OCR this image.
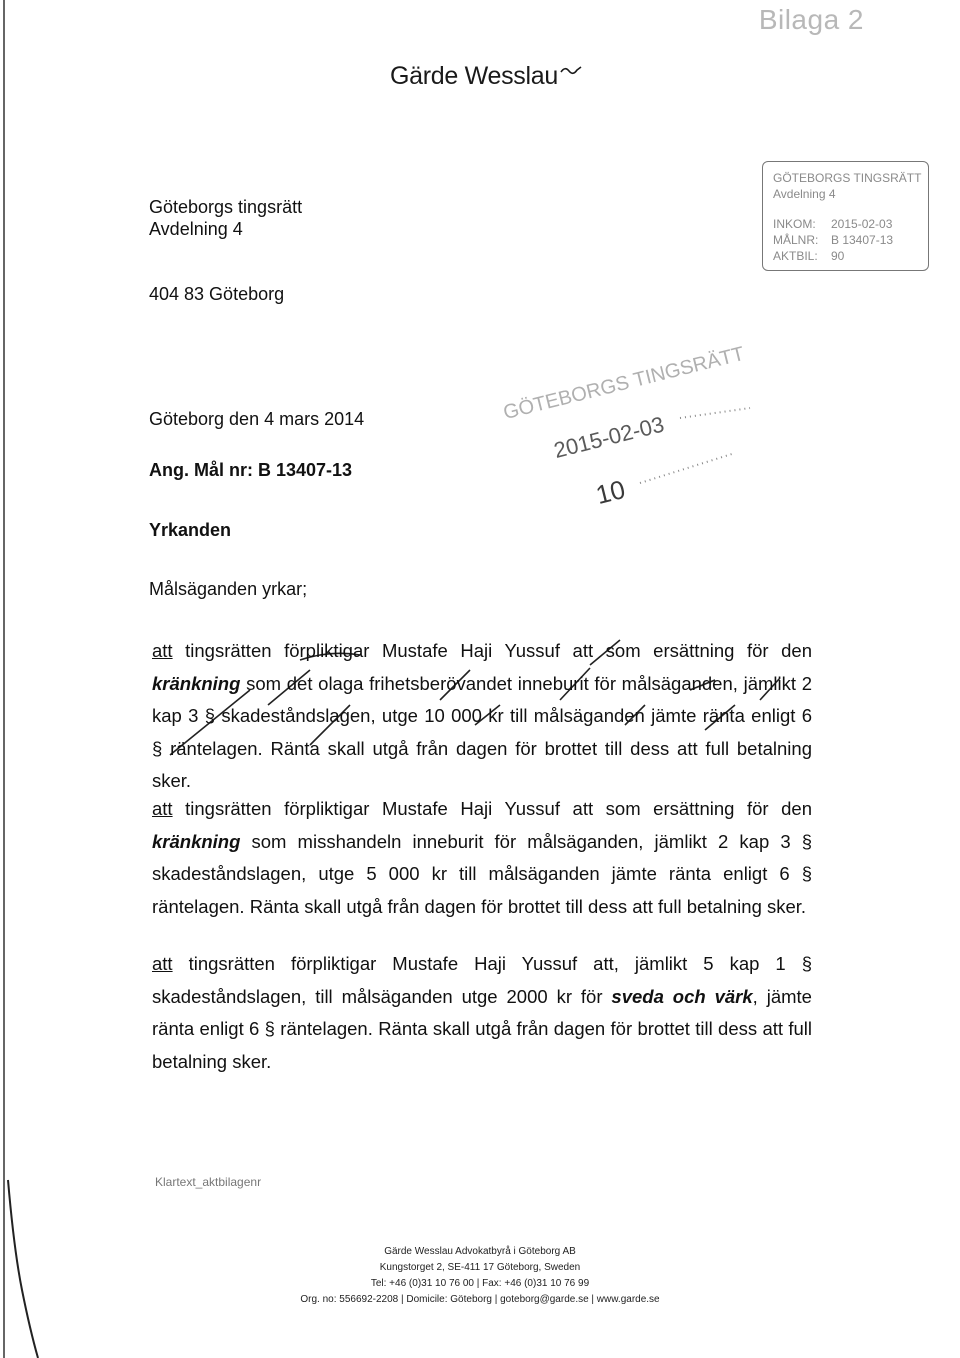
Bilaga 2
Gärde Wesslau
Göteborgs tingsrätt
Avdelning 4
404 83 Göteborg
GÖTEBORGS TINGSRÄTT
Avdelning 4
INKOM:	2015-02-03
MÅLNR:	B 13407-13
AKTBIL:	90
GÖTEBORGS TINGSRÄTT
2015-02-03
10
Göteborg den 4 mars 2014
Ang. Mål nr: B 13407-13
Yrkanden
Målsäganden yrkar;
att tingsrätten förpliktigar Mustafe Haji Yussuf att som ersättning för den kränkning som det olaga frihetsberövandet inneburit för målsäganden, jämlikt 2 kap 3 § skadeståndslagen, utge 10 000 kr till målsäganden jämte ränta enligt 6 § räntelagen. Ränta skall utgå från dagen för brottet till dess att full betalning sker.
att tingsrätten förpliktigar Mustafe Haji Yussuf att som ersättning för den kränkning som misshandeln inneburit för målsäganden, jämlikt 2 kap 3 § skadeståndslagen, utge 5 000 kr till målsäganden jämte ränta enligt 6 § räntelagen. Ränta skall utgå från dagen för brottet till dess att full betalning sker.
att tingsrätten förpliktigar Mustafe Haji Yussuf att, jämlikt 5 kap 1 § skadeståndslagen, till målsäganden utge 2000 kr för sveda och värk, jämte ränta enligt 6 § räntelagen. Ränta skall utgå från dagen för brottet till dess att full betalning sker.
Klartext_aktbilagenr
Gärde Wesslau Advokatbyrå i Göteborg AB
Kungstorget 2, SE-411 17 Göteborg, Sweden
Tel: +46 (0)31 10 76 00 | Fax: +46 (0)31 10 76 99
Org. no: 556692-2208 | Domicile: Göteborg | goteborg@garde.se | www.garde.se
